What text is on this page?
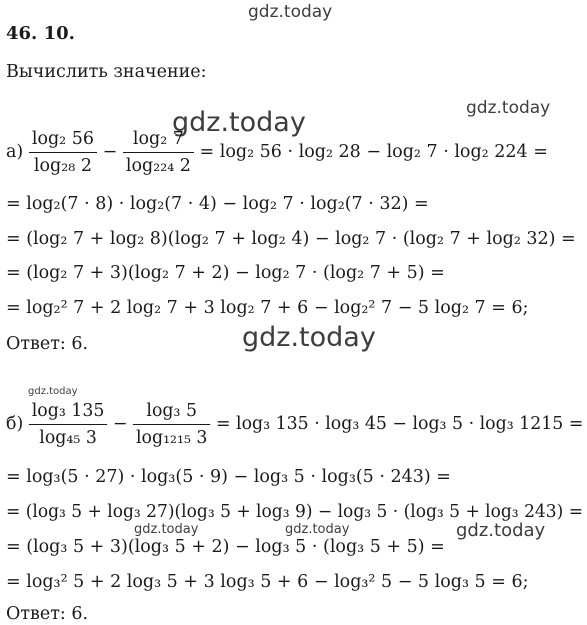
gdz.today
gdz.today
gdz.today
gdz.today
gdz.today
gdz.today	gdz.today	gdz.today
46. 10.
Вычислить значение:
$а) \frac{\text{log₂ 56}}{\text{log₂₈ 2}} - \frac{\text{log₂ 7}}{\text{log₂₂₄ 2}} = \log_2$ 56 · log₂ 28 − log₂ 7 · log₂ 224 =
= log₂(7 · 8) · log₂(7 · 4) − log₂ 7 · log₂(7 · 32) =
= (log₂ 7 + log₂ 8)(log₂ 7 + log₂ 4) − log₂ 7 · (log₂ 7 + log₂ 32) =
= (log₂ 7 + 3)(log₂ 7 + 2) − log₂ 7 · (log₂ 7 + 5) =
= log₂² 7 + 2 log₂ 7 + 3 log₂ 7 + 6 − log₂² 7 − 5 log₂ 7 = 6;
Ответ: 6.
$б) \frac{\text{log₃ 135}}{\text{log₄₅ 3}} - \frac{\text{log₃ 5}}{\text{log₁₂₁₅ 3}} = \log_3$ 135 · log₃ 45 − log₃ 5 · log₃ 1215 =
= log₃(5 · 27) · log₃(5 · 9) − log₃ 5 · log₃(5 · 243) =
= (log₃ 5 + log₃ 27)(log₃ 5 + log₃ 9) − log₃ 5 · (log₃ 5 + log₃ 243) =
= (log₃ 5 + 3)(log₃ 5 + 2) − log₃ 5 · (log₃ 5 + 5) =
= log₃² 5 + 2 log₃ 5 + 3 log₃ 5 + 6 − log₃² 5 − 5 log₃ 5 = 6;
Ответ: 6.
